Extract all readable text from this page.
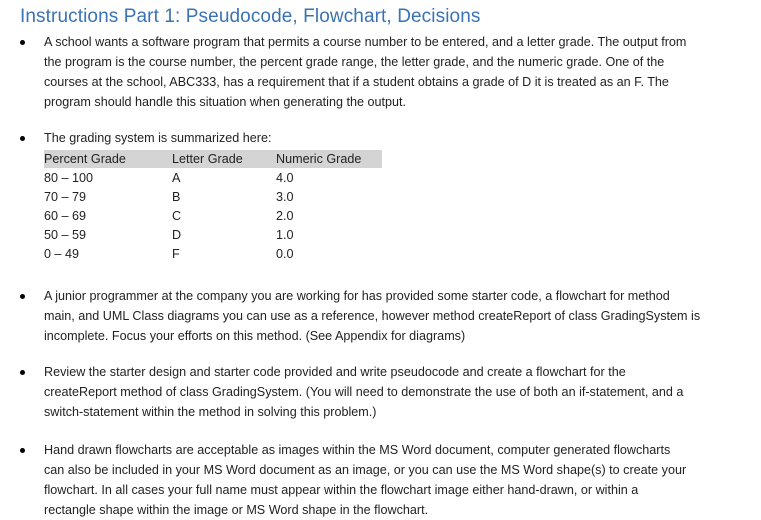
Instructions Part 1: Pseudocode, Flowchart, Decisions
A school wants a software program that permits a course number to be entered, and a letter grade. The output from
the program is the course number, the percent grade range, the letter grade, and the numeric grade. One of the
courses at the school, ABC333, has a requirement that if a student obtains a grade of D it is treated as an F. The
program should handle this situation when generating the output.
The grading system is summarized here:
Percent Grade	Letter Grade	Numeric Grade
80 – 100	A	4.0
70 – 79	B	3.0
60 – 69	C	2.0
50 – 59	D	1.0
0 – 49	F	0.0
A junior programmer at the company you are working for has provided some starter code, a flowchart for method
main, and UML Class diagrams you can use as a reference, however method createReport of class GradingSystem is
incomplete. Focus your efforts on this method. (See Appendix for diagrams)
Review the starter design and starter code provided and write pseudocode and create a flowchart for the
createReport method of class GradingSystem. (You will need to demonstrate the use of both an if-statement, and a
switch-statement within the method in solving this problem.)
Hand drawn flowcharts are acceptable as images within the MS Word document, computer generated flowcharts
can also be included in your MS Word document as an image, or you can use the MS Word shape(s) to create your
flowchart. In all cases your full name must appear within the flowchart image either hand-drawn, or within a
rectangle shape within the image or MS Word shape in the flowchart.
